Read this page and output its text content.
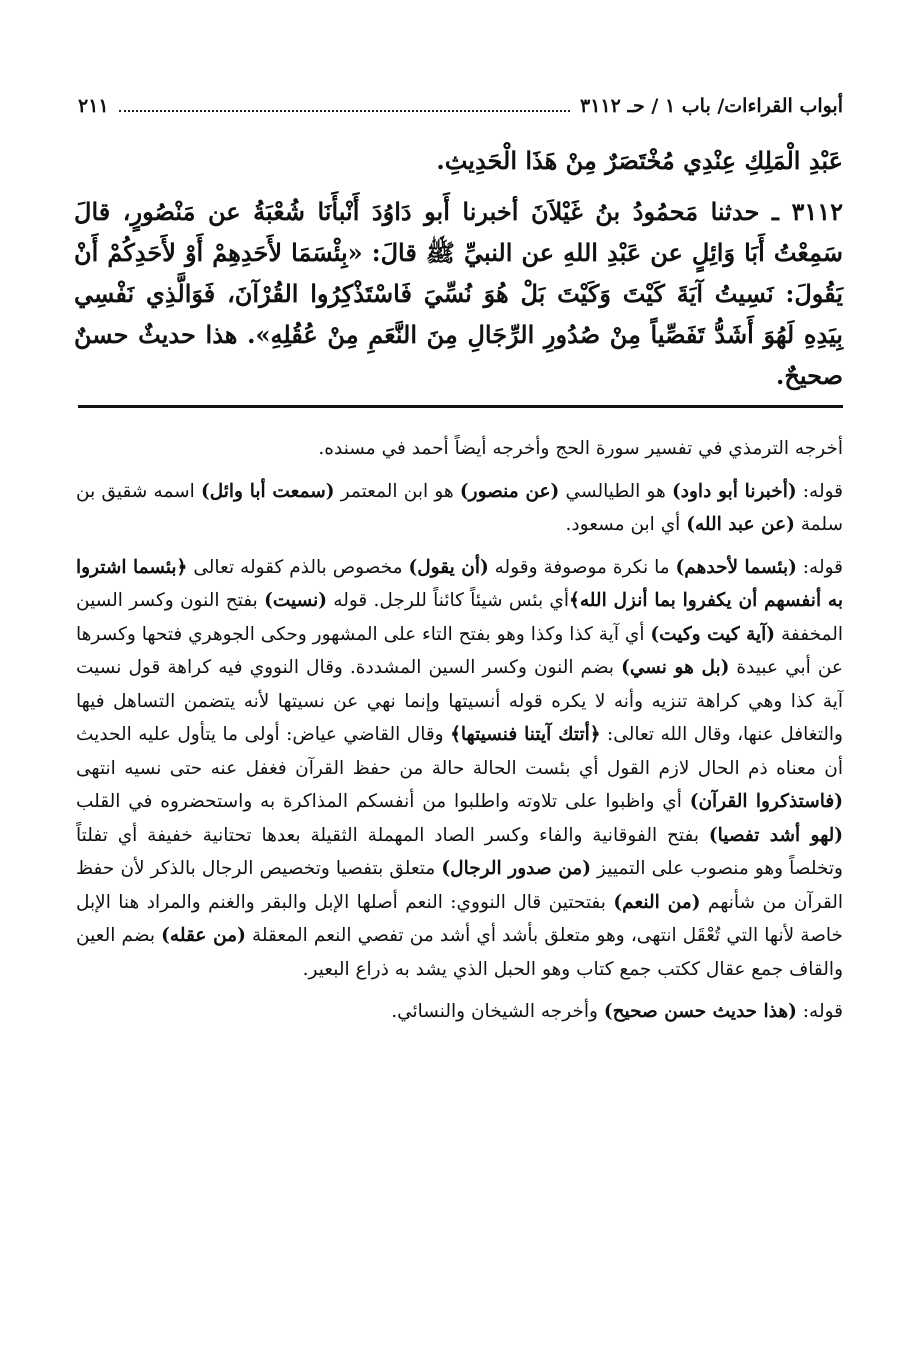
أبواب القراءات/ باب ١ / حـ ٣١١٢
٢١١

عَبْدِ الْمَلِكِ عِنْدِي مُخْتَصَرٌ مِنْ هَذَا الْحَدِيثِ.

٣١١٢ ـ حدثنا مَحمُودُ بنُ غَيْلاَنَ أخبرنا أَبو دَاوُدَ أَنْبأَنَا شُعْبَةُ عن مَنْصُورٍ، قالَ سَمِعْتُ أَبَا وَائِلٍ عن عَبْدِ اللهِ عن النبيِّ ﷺ قالَ: «بِئْسَمَا لأَحَدِهِمْ أَوْ لأَحَدِكُمْ أَنْ يَقُولَ: نَسِيتُ آيَةَ كَيْتَ وَكَيْتَ بَلْ هُوَ نُسِّيَ فَاسْتَذْكِرُوا القُرْآنَ، فَوَالَّذِي نَفْسِي بِيَدِهِ لَهُوَ أَشَدُّ تَفَصِّياً مِنْ صُدُورِ الرِّجَالِ مِنَ النَّعَمِ مِنْ عُقُلِهِ». هذا حديثٌ حسنٌ صحيحٌ.

أخرجه الترمذي في تفسير سورة الحج وأخرجه أيضاً أحمد في مسنده.

قوله: (أخبرنا أبو داود) هو الطيالسي (عن منصور) هو ابن المعتمر (سمعت أبا وائل) اسمه شقيق بن سلمة (عن عبد الله) أي ابن مسعود.

قوله: (بئسما لأحدهم) ما نكرة موصوفة وقوله (أن يقول) مخصوص بالذم كقوله تعالى ﴿بئسما اشتروا به أنفسهم أن يكفروا بما أنزل الله﴾أي بئس شيئاً كائناً للرجل. قوله (نسيت) بفتح النون وكسر السين المخففة (آية كيت وكيت) أي آية كذا وكذا وهو بفتح التاء على المشهور وحكى الجوهري فتحها وكسرها عن أبي عبيدة (بل هو نسي) بضم النون وكسر السين المشددة. وقال النووي فيه كراهة قول نسيت آية كذا وهي كراهة تنزيه وأنه لا يكره قوله أنسيتها وإنما نهي عن نسيتها لأنه يتضمن التساهل فيها والتغافل عنها، وقال الله تعالى: ﴿أتتك آيتنا فنسيتها﴾ وقال القاضي عياض: أولى ما يتأول عليه الحديث أن معناه ذم الحال لازم القول أي بئست الحالة حالة من حفظ القرآن فغفل عنه حتى نسيه انتهى (فاستذكروا القرآن) أي واظبوا على تلاوته واطلبوا من أنفسكم المذاكرة به واستحضروه في القلب (لهو أشد تفصيا) بفتح الفوقانية والفاء وكسر الصاد المهملة الثقيلة بعدها تحتانية خفيفة أي تفلتاً وتخلصاً وهو منصوب على التمييز (من صدور الرجال) متعلق بتفصيا وتخصيص الرجال بالذكر لأن حفظ القرآن من شأنهم (من النعم) بفتحتين قال النووي: النعم أصلها الإبل والبقر والغنم والمراد هنا الإبل خاصة لأنها التي تُعْقَل انتهى، وهو متعلق بأشد أي أشد من تفصي النعم المعقلة (من عقله) بضم العين والقاف جمع عقال ككتب جمع كتاب وهو الحبل الذي يشد به ذراع البعير.

قوله: (هذا حديث حسن صحيح) وأخرجه الشيخان والنسائي.
